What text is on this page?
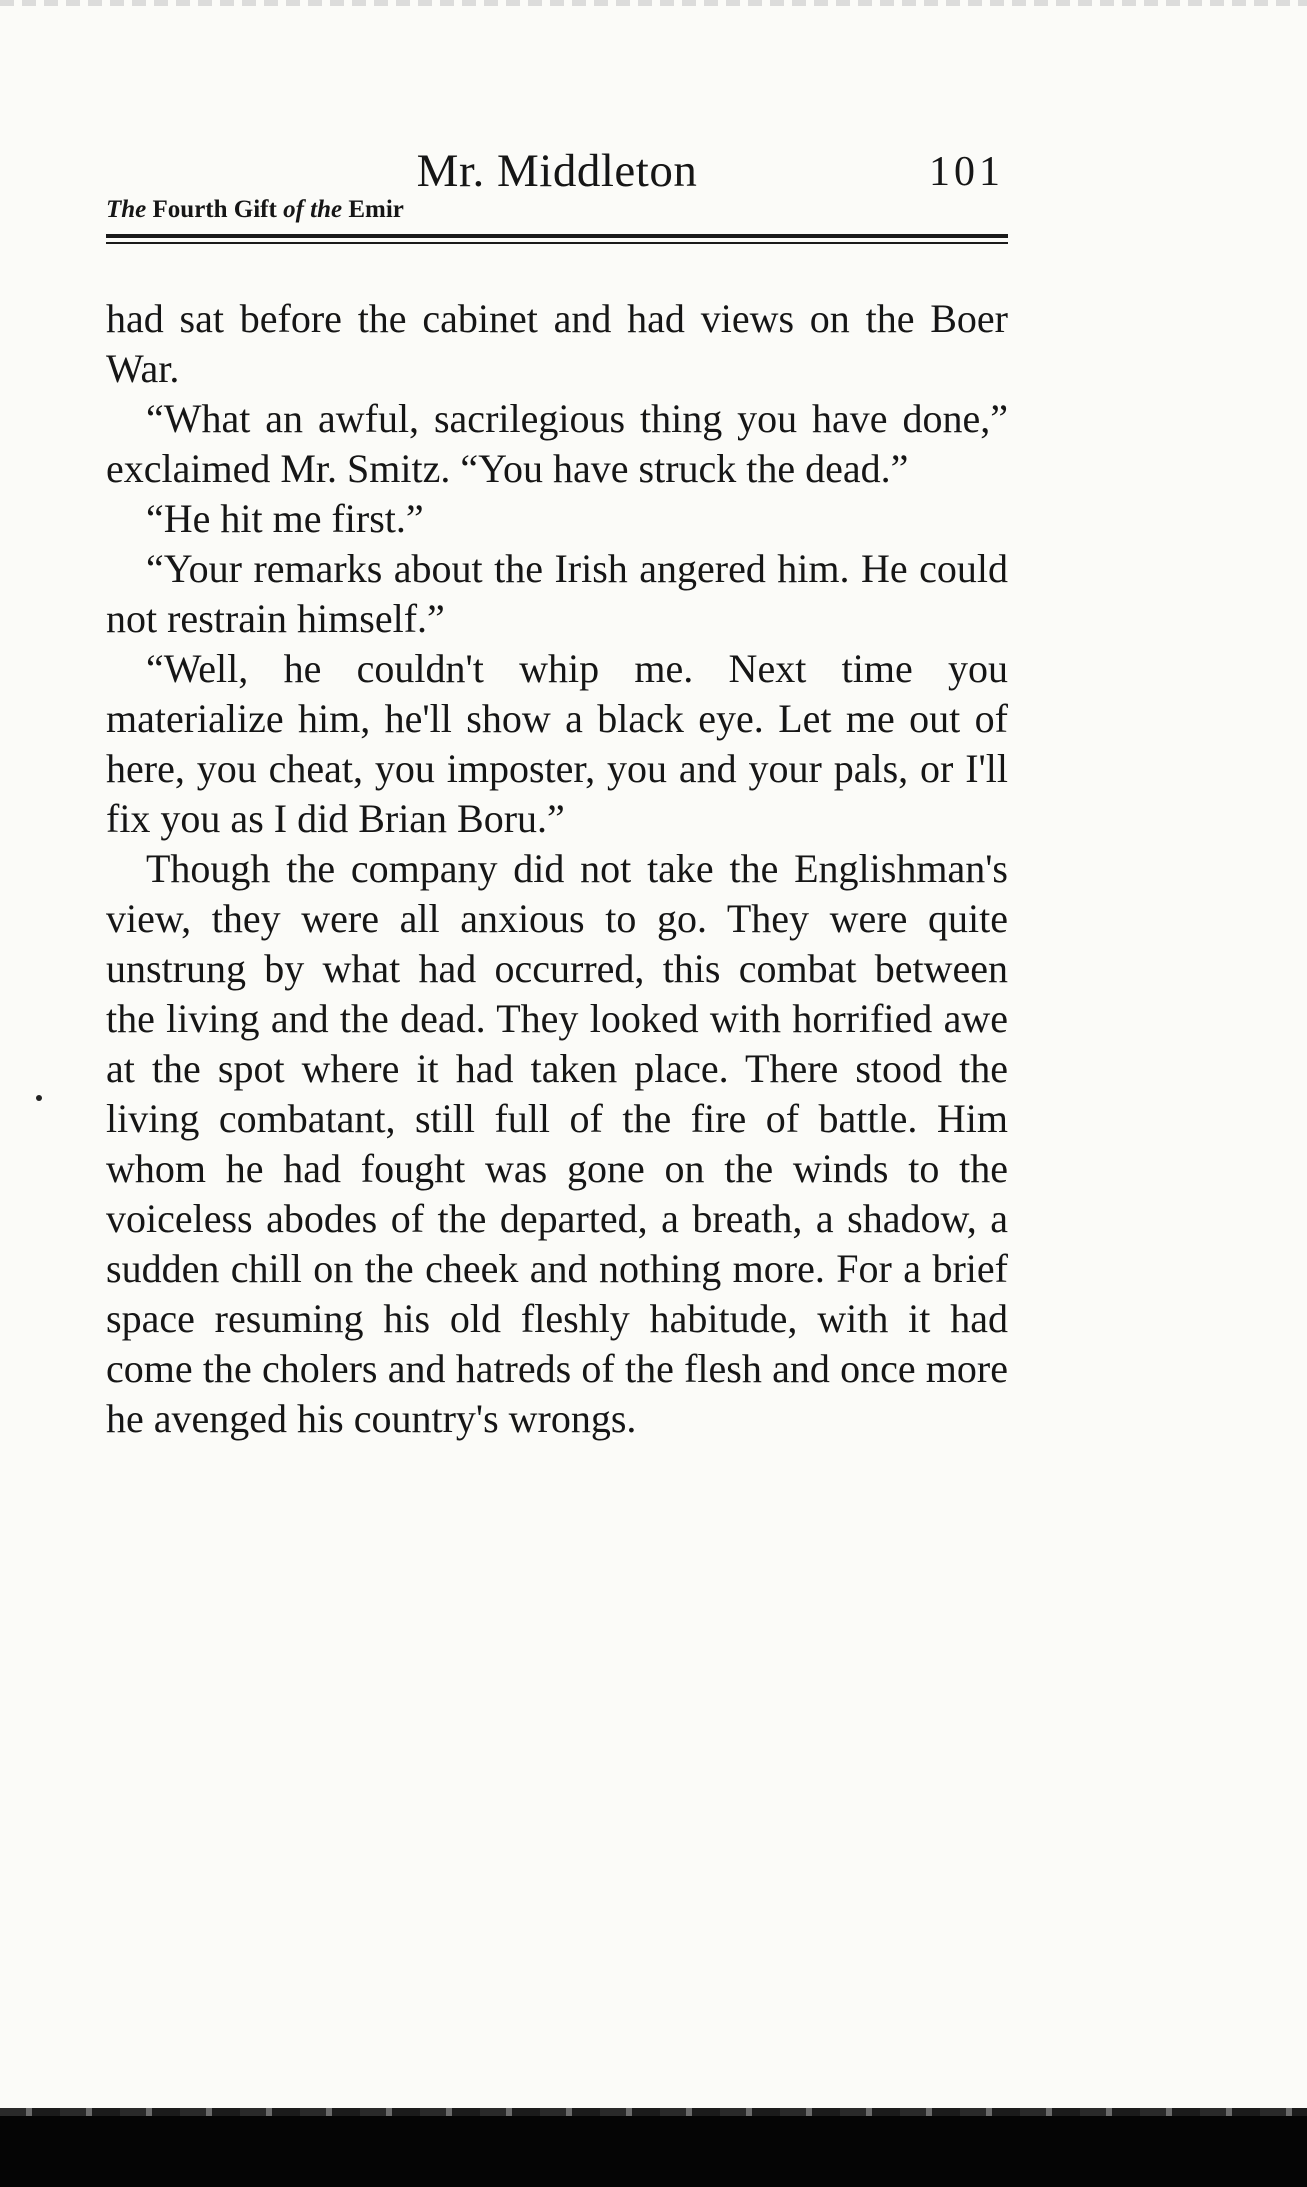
Mr. Middleton	101
The Fourth Gift of the Emir

had sat before the cabinet and had views on the Boer War.

“What an awful, sacrilegious thing you have done,” exclaimed Mr. Smitz. “You have struck the dead.”

“He hit me first.”

“Your remarks about the Irish angered him. He could not restrain himself.”

“Well, he couldn't whip me. Next time you materialize him, he'll show a black eye. Let me out of here, you cheat, you imposter, you and your pals, or I'll fix you as I did Brian Boru.”

Though the company did not take the Englishman's view, they were all anxious to go. They were quite unstrung by what had occurred, this combat between the living and the dead. They looked with horrified awe at the spot where it had taken place. There stood the living combatant, still full of the fire of battle. Him whom he had fought was gone on the winds to the voiceless abodes of the departed, a breath, a shadow, a sudden chill on the cheek and nothing more. For a brief space resuming his old fleshly habitude, with it had come the cholers and hatreds of the flesh and once more he avenged his country's wrongs.
